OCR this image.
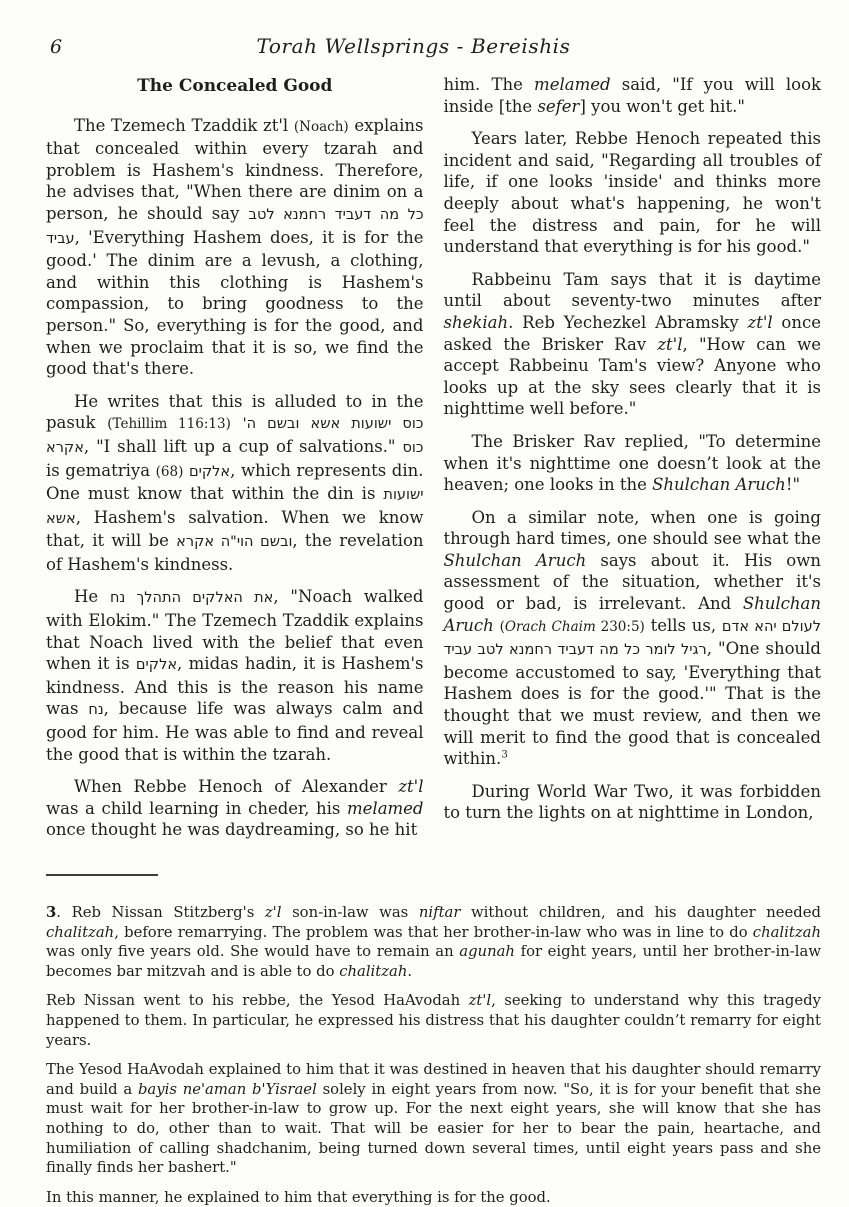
6	Torah Wellsprings - Bereishis
The Concealed Good

The Tzemech Tzaddik zt'l (Noach) explains that concealed within every tzarah and problem is Hashem's kindness. Therefore, he advises that, "When there are dinim on a person, he should say כל מה דעביד רחמנא לטב עביד, 'Everything Hashem does, it is for the good.' The dinim are a levush, a clothing, and within this clothing is Hashem's compassion, to bring goodness to the person." So, everything is for the good, and when we proclaim that it is so, we find the good that's there.

He writes that this is alluded to in the pasuk (Tehillim 116:13) כוס ישועות אשא ובשם ה' אקרא, "I shall lift up a cup of salvations." כוס is gematriya (68) אלקים, which represents din. One must know that within the din is ישועות אשא, Hashem's salvation. When we know that, it will be ובשם הוי"ה אקרא, the revelation of Hashem's kindness.

He את האלקים התהלך נח, "Noach walked with Elokim." The Tzemech Tzaddik explains that Noach lived with the belief that even when it is אלקים, midas hadin, it is Hashem's kindness. And this is the reason his name was נח, because life was always calm and good for him. He was able to find and reveal the good that is within the tzarah.

When Rebbe Henoch of Alexander zt'l was a child learning in cheder, his melamed once thought he was daydreaming, so he hit

him. The melamed said, "If you will look inside [the sefer] you won't get hit."

Years later, Rebbe Henoch repeated this incident and said, "Regarding all troubles of life, if one looks 'inside' and thinks more deeply about what's happening, he won't feel the distress and pain, for he will understand that everything is for his good."

Rabbeinu Tam says that it is daytime until about seventy-two minutes after shekiah. Reb Yechezkel Abramsky zt'l once asked the Brisker Rav zt'l, "How can we accept Rabbeinu Tam's view? Anyone who looks up at the sky sees clearly that it is nighttime well before."

The Brisker Rav replied, "To determine when it's nighttime one doesn’t look at the heaven; one looks in the Shulchan Aruch!"

On a similar note, when one is going through hard times, one should see what the Shulchan Aruch says about it. His own assessment of the situation, whether it's good or bad, is irrelevant. And Shulchan Aruch (Orach Chaim 230:5) tells us, לעולם יהא אדם רגיל לומר כל מה דעביד רחמנא לטב עביד, "One should become accustomed to say, 'Everything that Hashem does is for the good.'" That is the thought that we must review, and then we will merit to find the good that is concealed within.$^3$

During World War Two, it was forbidden to turn the lights on at nighttime in London,

3. Reb Nissan Stitzberg's z'l son-in-law was niftar without children, and his daughter needed chalitzah, before remarrying. The problem was that her brother-in-law who was in line to do chalitzah was only five years old. She would have to remain an agunah for eight years, until her brother-in-law becomes bar mitzvah and is able to do chalitzah.

Reb Nissan went to his rebbe, the Yesod HaAvodah zt'l, seeking to understand why this tragedy happened to them. In particular, he expressed his distress that his daughter couldn’t remarry for eight years.

The Yesod HaAvodah explained to him that it was destined in heaven that his daughter should remarry and build a bayis ne'aman b'Yisrael solely in eight years from now. "So, it is for your benefit that she must wait for her brother-in-law to grow up. For the next eight years, she will know that she has nothing to do, other than to wait. That will be easier for her to bear the pain, heartache, and humiliation of calling shadchanim, being turned down several times, until eight years pass and she finally finds her bashert."

In this manner, he explained to him that everything is for the good.
